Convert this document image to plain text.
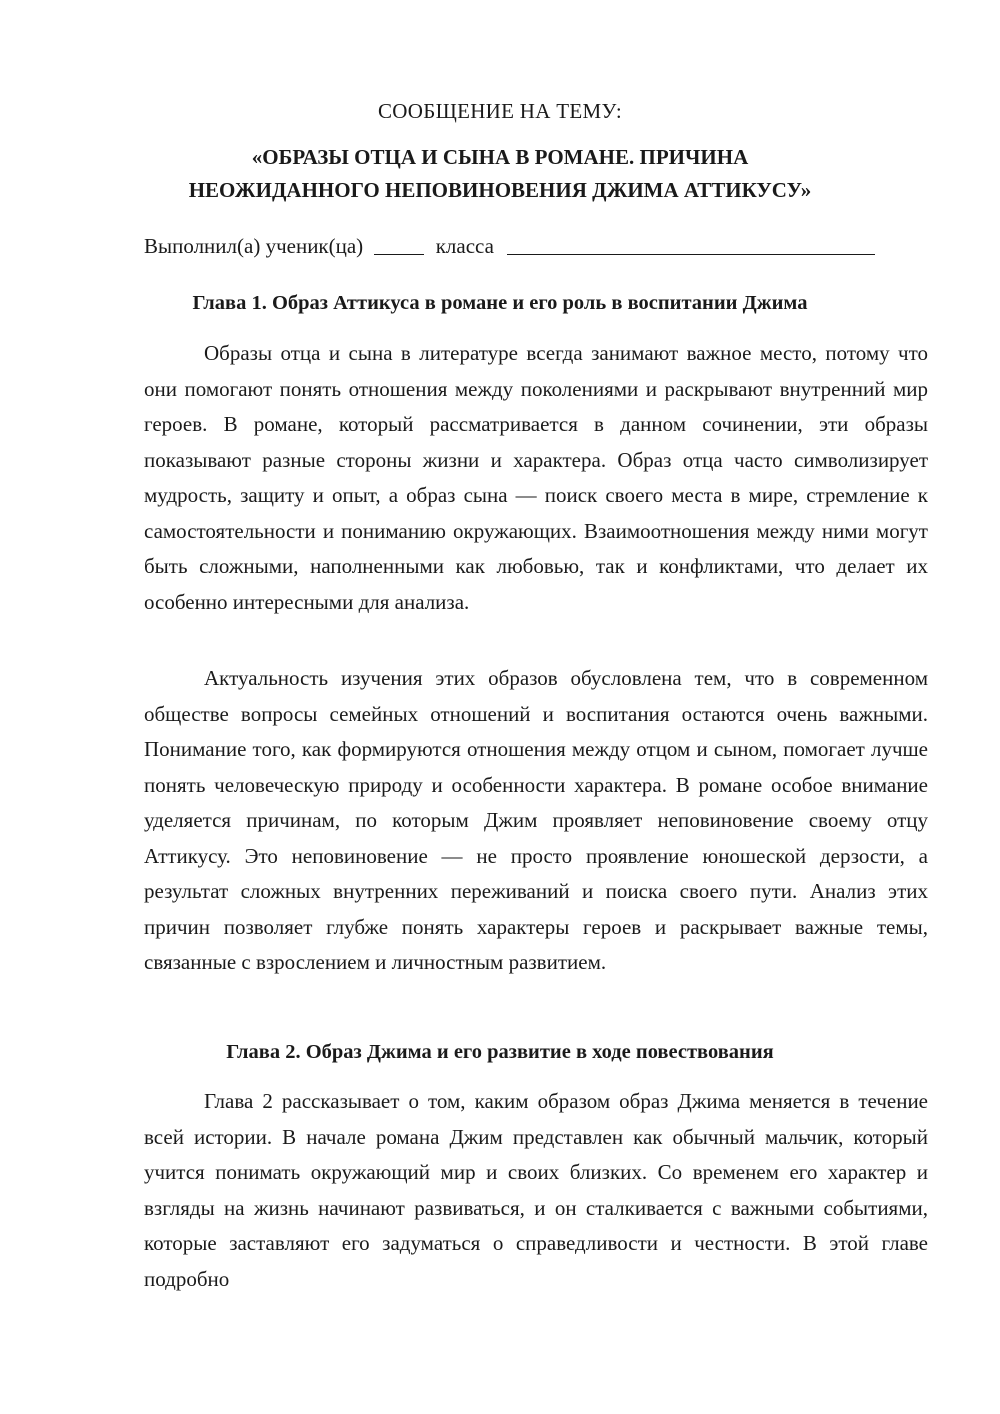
СООБЩЕНИЕ НА ТЕМУ:

«ОБРАЗЫ ОТЦА И СЫНА В РОМАНЕ. ПРИЧИНА

НЕОЖИДАННОГО НЕПОВИНОВЕНИЯ ДЖИМА АТТИКУСУ»

Выполнил(а) ученик(ца)	класса
Глава 1. Образ Аттикуса в романе и его роль в воспитании Джима

Образы отца и сына в литературе всегда занимают важное место, потому что они помогают понять отношения между поколениями и раскрывают внутренний мир героев. В романе, который рассматривается в данном сочинении, эти образы показывают разные стороны жизни и характера. Образ отца часто символизирует мудрость, защиту и опыт, а образ сына — поиск своего места в мире, стремление к самостоятельности и пониманию окружающих. Взаимоотношения между ними могут быть сложными, наполненными как любовью, так и конфликтами, что делает их особенно интересными для анализа.

Актуальность изучения этих образов обусловлена тем, что в современном обществе вопросы семейных отношений и воспитания остаются очень важными. Понимание того, как формируются отношения между отцом и сыном, помогает лучше понять человеческую природу и особенности характера. В романе особое внимание уделяется причинам, по которым Джим проявляет неповиновение своему отцу Аттикусу. Это неповиновение — не просто проявление юношеской дерзости, а результат сложных внутренних переживаний и поиска своего пути. Анализ этих причин позволяет глубже понять характеры героев и раскрывает важные темы, связанные с взрослением и личностным развитием.

Глава 2. Образ Джима и его развитие в ходе повествования

Глава 2 рассказывает о том, каким образом образ Джима меняется в течение всей истории. В начале романа Джим представлен как обычный мальчик, который учится понимать окружающий мир и своих близких. Со временем его характер и взгляды на жизнь начинают развиваться, и он сталкивается с важными событиями, которые заставляют его задуматься о справедливости и честности. В этой главе подробно
